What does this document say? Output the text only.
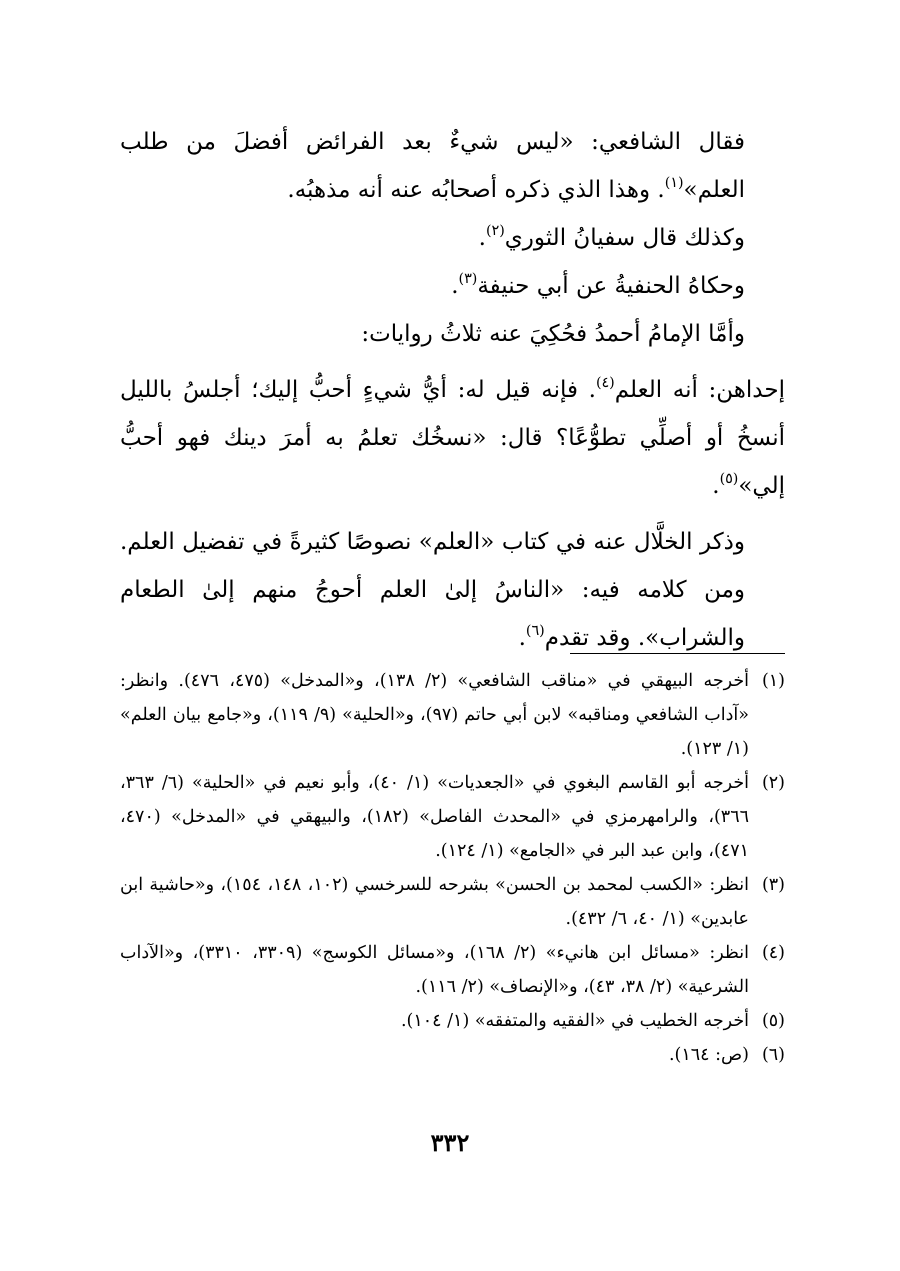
فقال الشافعي: «ليس شيءٌ بعد الفرائض أفضلَ من طلب العلم»$^{(١)}$. وهذا الذي ذكره أصحابُه عنه أنه مذهبُه.

وكذلك قال سفيانُ الثوري$^{(٢)}$.

وحكاهُ الحنفيةُ عن أبي حنيفة$^{(٣)}$.

وأمَّا الإمامُ أحمدُ فحُكِيَ عنه ثلاثُ روايات:

إحداهن: أنه العلم$^{(٤)}$. فإنه قيل له: أيُّ شيءٍ أحبُّ إليك؛ أجلسُ بالليل أنسخُ أو أصلِّي تطوُّعًا؟ قال: «نسخُك تعلمُ به أمرَ دينك فهو أحبُّ إلي»$^{(٥)}$.

وذكر الخلَّال عنه في كتاب «العلم» نصوصًا كثيرةً في تفضيل العلم. ومن كلامه فيه: «الناسُ إلىٰ العلم أحوجُ منهم إلىٰ الطعام والشراب». وقد تقدم$^{(٦)}$.

(١)
أخرجه البيهقي في «مناقب الشافعي» (٢/ ١٣٨)، و«المدخل» (٤٧٥، ٤٧٦). وانظر: «آداب الشافعي ومناقبه» لابن أبي حاتم (٩٧)، و«الحلية» (٩/ ١١٩)، و«جامع بيان العلم» (١/ ١٢٣).
(٢)
أخرجه أبو القاسم البغوي في «الجعديات» (١/ ٤٠)، وأبو نعيم في «الحلية» (٦/ ٣٦٣، ٣٦٦)، والرامهرمزي في «المحدث الفاصل» (١٨٢)، والبيهقي في «المدخل» (٤٧٠، ٤٧١)، وابن عبد البر في «الجامع» (١/ ١٢٤).
(٣)
انظر: «الكسب لمحمد بن الحسن» بشرحه للسرخسي (١٠٢، ١٤٨، ١٥٤)، و«حاشية ابن عابدين» (١/ ٤٠، ٦/ ٤٣٢).
(٤)
انظر: «مسائل ابن هانيء» (٢/ ١٦٨)، و«مسائل الكوسج» (٣٣٠٩، ٣٣١٠)، و«الآداب الشرعية» (٢/ ٣٨، ٤٣)، و«الإنصاف» (٢/ ١١٦).
(٥)
أخرجه الخطيب في «الفقيه والمتفقه» (١/ ١٠٤).
(٦)
(ص: ١٦٤).
٣٣٢
